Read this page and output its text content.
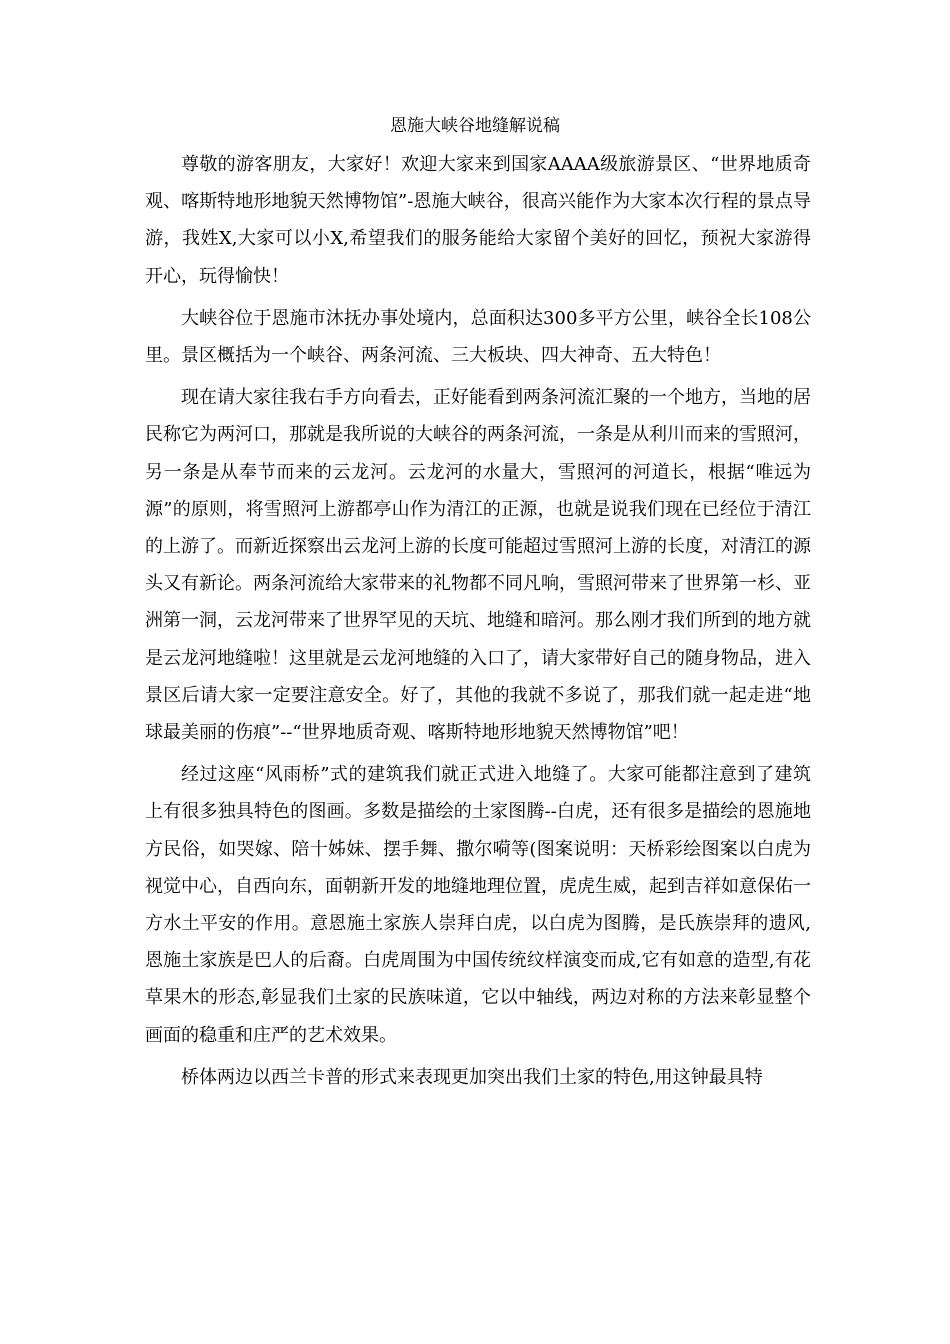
恩施大峡谷地缝解说稿

尊敬的游客朋友，大家好！欢迎大家来到国家AAAA级旅游景区、“世界地质奇观、喀斯特地形地貌天然博物馆”-恩施大峡谷，很高兴能作为大家本次行程的景点导游，我姓X,大家可以小X,希望我们的服务能给大家留个美好的回忆，预祝大家游得开心，玩得愉快！

大峡谷位于恩施市沐抚办事处境内，总面积达300多平方公里，峡谷全长108公里。景区概括为一个峡谷、两条河流、三大板块、四大神奇、五大特色！

现在请大家往我右手方向看去，正好能看到两条河流汇聚的一个地方，当地的居民称它为两河口，那就是我所说的大峡谷的两条河流，一条是从利川而来的雪照河，另一条是从奉节而来的云龙河。云龙河的水量大，雪照河的河道长，根据“唯远为源”的原则，将雪照河上游都亭山作为清江的正源，也就是说我们现在已经位于清江的上游了。而新近探察出云龙河上游的长度可能超过雪照河上游的长度，对清江的源头又有新论。两条河流给大家带来的礼物都不同凡响，雪照河带来了世界第一杉、亚洲第一洞，云龙河带来了世界罕见的天坑、地缝和暗河。那么刚才我们所到的地方就是云龙河地缝啦！这里就是云龙河地缝的入口了，请大家带好自己的随身物品，进入景区后请大家一定要注意安全。好了，其他的我就不多说了，那我们就一起走进“地球最美丽的伤痕”--“世界地质奇观、喀斯特地形地貌天然博物馆”吧！

经过这座“风雨桥”式的建筑我们就正式进入地缝了。大家可能都注意到了建筑上有很多独具特色的图画。多数是描绘的土家图腾--白虎，还有很多是描绘的恩施地方民俗，如哭嫁、陪十姊妹、摆手舞、撒尔嗬等(图案说明：天桥彩绘图案以白虎为视觉中心，自西向东，面朝新开发的地缝地理位置，虎虎生威，起到吉祥如意保佑一方水土平安的作用。意恩施土家族人崇拜白虎，以白虎为图腾，是氏族崇拜的遗风,恩施土家族是巴人的后裔。白虎周围为中国传统纹样演变而成,它有如意的造型,有花草果木的形态,彰显我们土家的民族味道，它以中轴线，两边对称的方法来彰显整个画面的稳重和庄严的艺术效果。

桥体两边以西兰卡普的形式来表现更加突出我们土家的特色,用这钟最具特
